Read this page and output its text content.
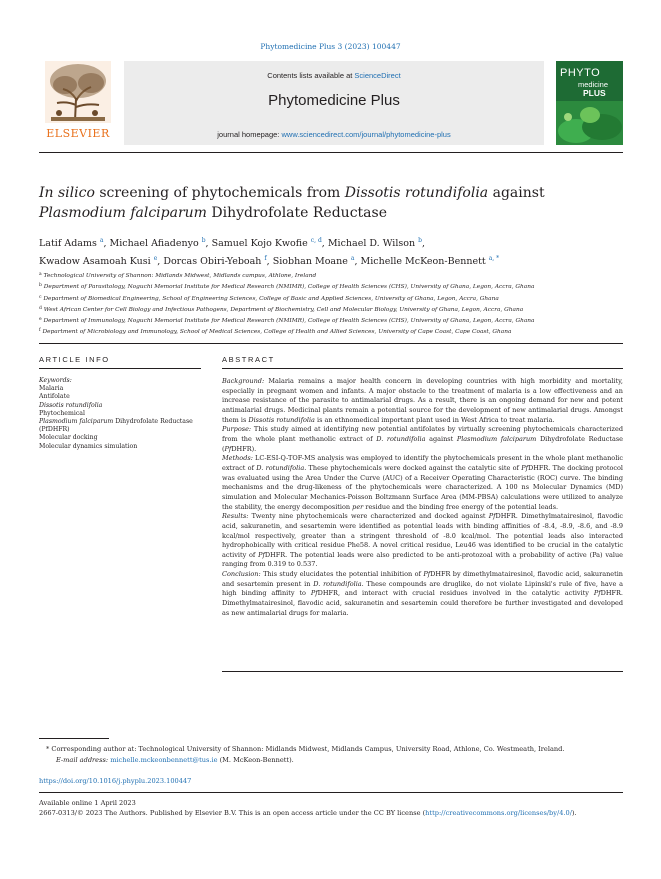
Phytomedicine Plus 3 (2023) 100447
ELSEVIER
Contents lists available at ScienceDirect
Phytomedicine Plus
journal homepage: www.sciencedirect.com/journal/phytomedicine-plus
PHYTO
medicine
PLUS
In silico screening of phytochemicals from Dissotis rotundifolia against
Plasmodium falciparum Dihydrofolate Reductase
Latif Adams $^a$, Michael Afiadenyo $^b$, Samuel Kojo Kwofie $^{c, d}$, Michael D. Wilson $^b$,
Kwadow Asamoah Kusi $^e$, Dorcas Obiri-Yeboah $^f$, Siobhan Moane $^a$, Michelle McKeon-Bennett $^{a, *}$
$^a$ Technological University of Shannon: Midlands Midwest, Midlands campus, Athlone, Ireland
$^b$ Department of Parasitology, Noguchi Memorial Institute for Medical Research (NMIMR), College of Health Sciences (CHS), University of Ghana, Legon, Accra, Ghana
$^c$ Department of Biomedical Engineering, School of Engineering Sciences, College of Basic and Applied Sciences, University of Ghana, Legon, Accra, Ghana
$^d$ West African Center for Cell Biology and Infectious Pathogens, Department of Biochemistry, Cell and Molecular Biology, University of Ghana, Legon, Accra, Ghana
$^e$ Department of Immunology, Noguchi Memorial Institute for Medical Research (NMIMR), College of Health Sciences (CHS), University of Ghana, Legon, Accra, Ghana
$^f$ Department of Microbiology and Immunology, School of Medical Sciences, College of Health and Allied Sciences, University of Cape Coast, Cape Coast, Ghana
ARTICLE INFO
Keywords:
Malaria
Antifolate
Dissotis rotundifolia
Phytochemical
Plasmodium falciparum Dihydrofolate Reductase
(PfDHFR)
Molecular docking
Molecular dynamics simulation
ABSTRACT

Background: Malaria remains a major health concern in developing countries with high morbidity and mortality, especially in pregnant women and infants. A major obstacle to the treatment of malaria is a low effectiveness and an increase resistance of the parasite to antimalarial drugs. As a result, there is an ongoing demand for new and potent antimalarial drugs. Medicinal plants remain a potential source for the development of new antimalarial drugs. Amongst them is Dissotis rotundifolia is an ethnomedical important plant used in West Africa to treat malaria.

Purpose: This study aimed at identifying new potential antifolates by virtually screening phytochemicals characterized from the whole plant methanolic extract of D. rotundifolia against Plasmodium falciparum Dihydrofolate Reductase (PfDHFR).

Methods: LC-ESI-Q-TOF-MS analysis was employed to identify the phytochemicals present in the whole plant methanolic extract of D. rotundifolia. These phytochemicals were docked against the catalytic site of PfDHFR. The docking protocol was evaluated using the Area Under the Curve (AUC) of a Receiver Operating Characteristic (ROC) curve. The binding mechanisms and the drug-likeness of the phytochemicals were characterized. A 100 ns Molecular Dynamics (MD) simulation and Molecular Mechanics-Poisson Boltzmann Surface Area (MM-PBSA) calculations were utilized to analyze the stability, the energy decomposition per residue and the binding free energy of the potential leads.

Results: Twenty nine phytochemicals were characterized and docked against PfDHFR. Dimethylmatairesinol, flavodic acid, sakuranetin, and sesartemin were identified as potential leads with binding affinities of -8.4, -8.9, -8.6, and -8.9 kcal/mol respectively, greater than a stringent threshold of -8.0 kcal/mol. The potential leads also interacted hydrophobically with critical residue Phe58. A novel critical residue, Leu46 was identified to be crucial in the catalytic activity of PfDHFR. The potential leads were also predicted to be anti-protozoal with a probability of active (Pa) value ranging from 0.319 to 0.537.

Conclusion: This study elucidates the potential inhibition of PfDHFR by dimethylmatairesinol, flavodic acid, sakuranetin and sesartemin present in D. rotundifolia. These compounds are druglike, do not violate Lipinski's rule of five, have a high binding affinity to PfDHFR, and interact with crucial residues involved in the catalytic activity PfDHFR. Dimethylmatairesinol, flavodic acid, sakuranetin and sesartemin could therefore be further investigated and developed as new antimalarial drugs for malaria.

* Corresponding author at: Technological University of Shannon: Midlands Midwest, Midlands Campus, University Road, Athlone, Co. Westmeath, Ireland.
E-mail address: michelle.mckeonbennett@tus.ie (M. McKeon-Bennett).
https://doi.org/10.1016/j.phyplu.2023.100447
Available online 1 April 2023
2667-0313/© 2023 The Authors. Published by Elsevier B.V. This is an open access article under the CC BY license (http://creativecommons.org/licenses/by/4.0/).
